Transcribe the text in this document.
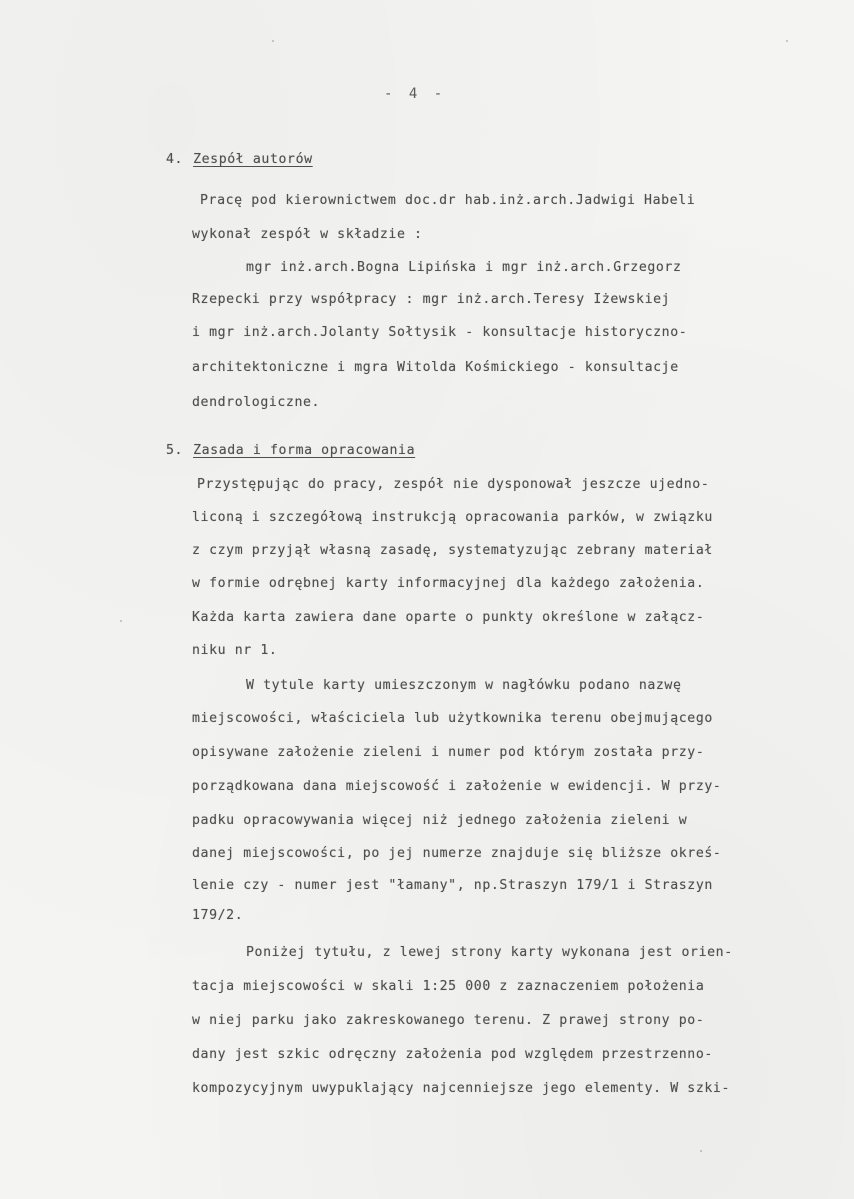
- 4 -
4. Zespół autorów
Pracę pod kierownictwem doc.dr hab.inż.arch.Jadwigi Habeli
wykonał zespół w składzie :
mgr inż.arch.Bogna Lipińska i mgr inż.arch.Grzegorz
Rzepecki przy współpracy : mgr inż.arch.Teresy Iżewskiej
i mgr inż.arch.Jolanty Sołtysik - konsultacje historyczno-
architektoniczne i mgra Witolda Kośmickiego - konsultacje
dendrologiczne.
5. Zasada i forma opracowania
Przystępując do pracy, zespół nie dysponował jeszcze ujedno-
liconą i szczegółową instrukcją opracowania parków, w związku
z czym przyjął własną zasadę, systematyzując zebrany materiał
w formie odrębnej karty informacyjnej dla każdego założenia.
Każda karta zawiera dane oparte o punkty określone w załącz-
niku nr 1.
W tytule karty umieszczonym w nagłówku podano nazwę
miejscowości, właściciela lub użytkownika terenu obejmującego
opisywane założenie zieleni i numer pod którym została przy-
porządkowana dana miejscowość i założenie w ewidencji. W przy-
padku opracowywania więcej niż jednego założenia zieleni w
danej miejscowości, po jej numerze znajduje się bliższe okreś-
lenie czy - numer jest "łamany", np.Straszyn 179/1 i Straszyn
179/2.
Poniżej tytułu, z lewej strony karty wykonana jest orien-
tacja miejscowości w skali 1:25 000 z zaznaczeniem położenia
w niej parku jako zakreskowanego terenu. Z prawej strony po-
dany jest szkic odręczny założenia pod względem przestrzenno-
kompozycyjnym uwypuklający najcenniejsze jego elementy. W szki-
